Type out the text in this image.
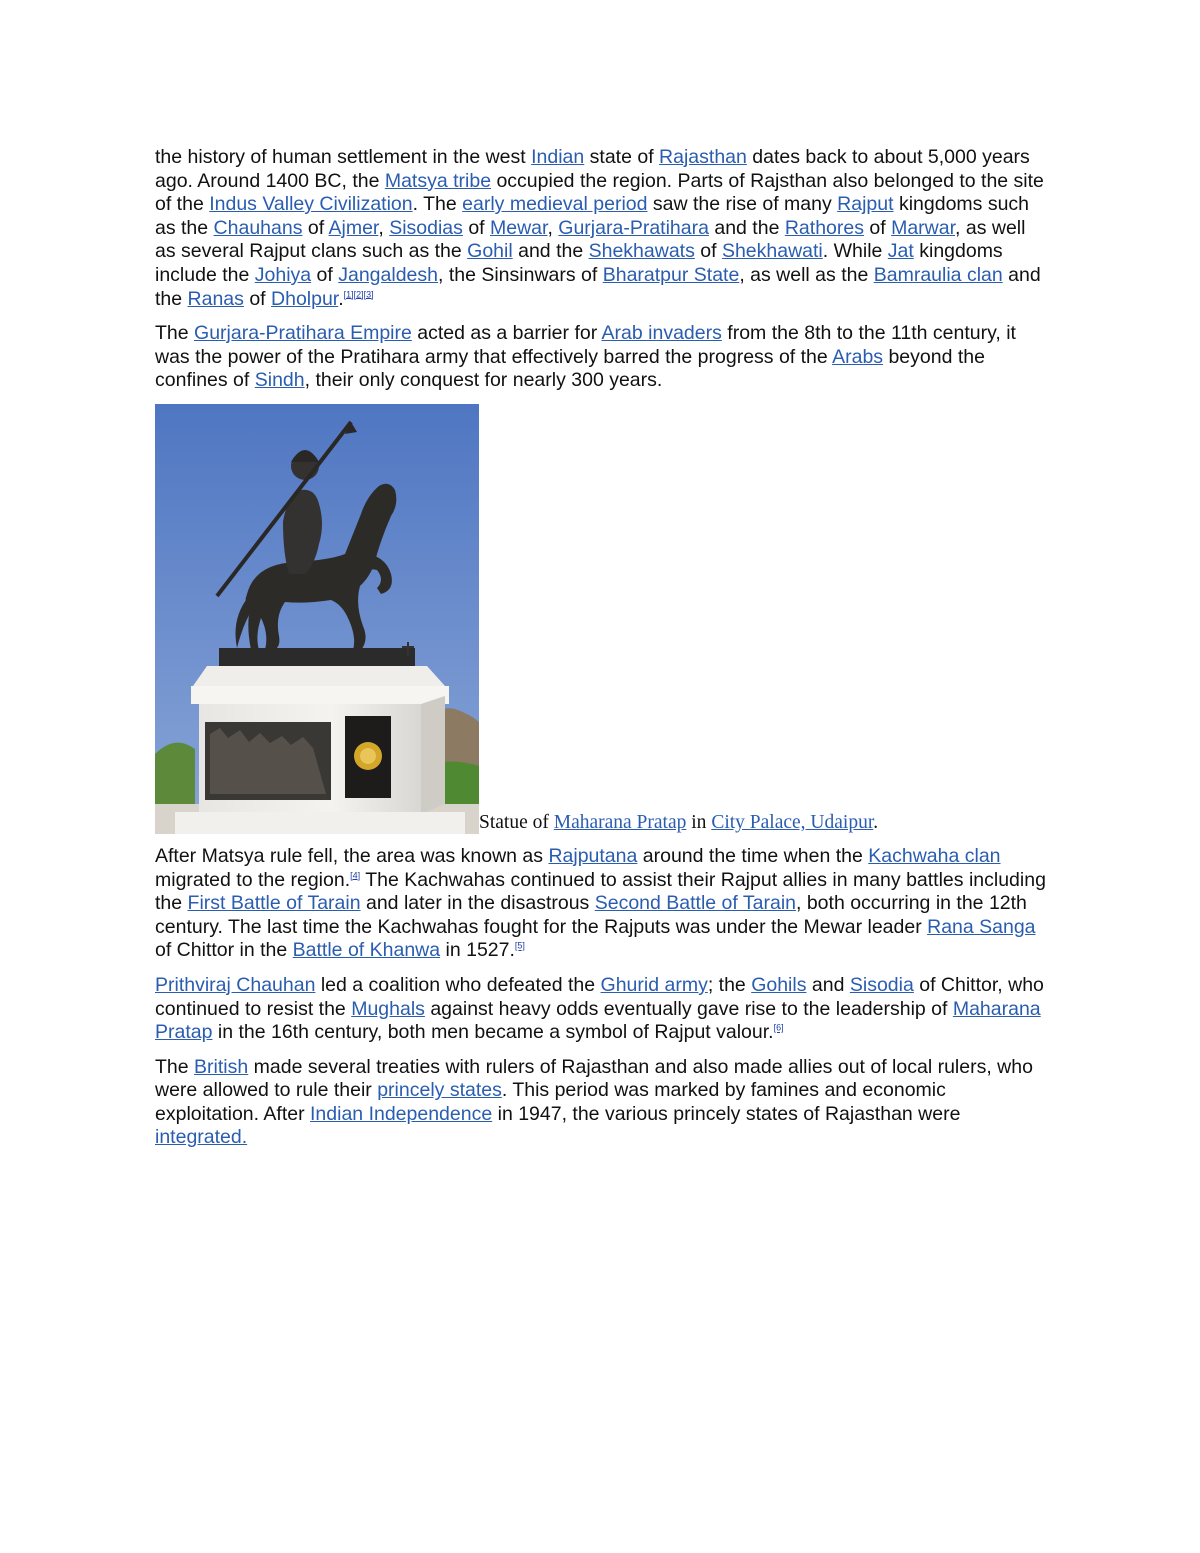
the history of human settlement in the west Indian state of Rajasthan dates back to about 5,000 years ago. Around 1400 BC, the Matsya tribe occupied the region. Parts of Rajsthan also belonged to the site of the Indus Valley Civilization. The early medieval period saw the rise of many Rajput kingdoms such as the Chauhans of Ajmer, Sisodias of Mewar, Gurjara-Pratihara and the Rathores of Marwar, as well as several Rajput clans such as the Gohil and the Shekhawats of Shekhawati. While Jat kingdoms include the Johiya of Jangaldesh, the Sinsinwars of Bharatpur State, as well as the Bamraulia clan and the Ranas of Dholpur.[1][2][3]

The Gurjara-Pratihara Empire acted as a barrier for Arab invaders from the 8th to the 11th century, it was the power of the Pratihara army that effectively barred the progress of the Arabs beyond the confines of Sindh, their only conquest for nearly 300 years.

Statue of Maharana Pratap in City Palace, Udaipur.

After Matsya rule fell, the area was known as Rajputana around the time when the Kachwaha clan migrated to the region.[4] The Kachwahas continued to assist their Rajput allies in many battles including the First Battle of Tarain and later in the disastrous Second Battle of Tarain, both occurring in the 12th century. The last time the Kachwahas fought for the Rajputs was under the Mewar leader Rana Sanga of Chittor in the Battle of Khanwa in 1527.[5]

Prithviraj Chauhan led a coalition who defeated the Ghurid army; the Gohils and Sisodia of Chittor, who continued to resist the Mughals against heavy odds eventually gave rise to the leadership of Maharana Pratap in the 16th century, both men became a symbol of Rajput valour.[6]

The British made several treaties with rulers of Rajasthan and also made allies out of local rulers, who were allowed to rule their princely states. This period was marked by famines and economic exploitation. After Indian Independence in 1947, the various princely states of Rajasthan were integrated.
